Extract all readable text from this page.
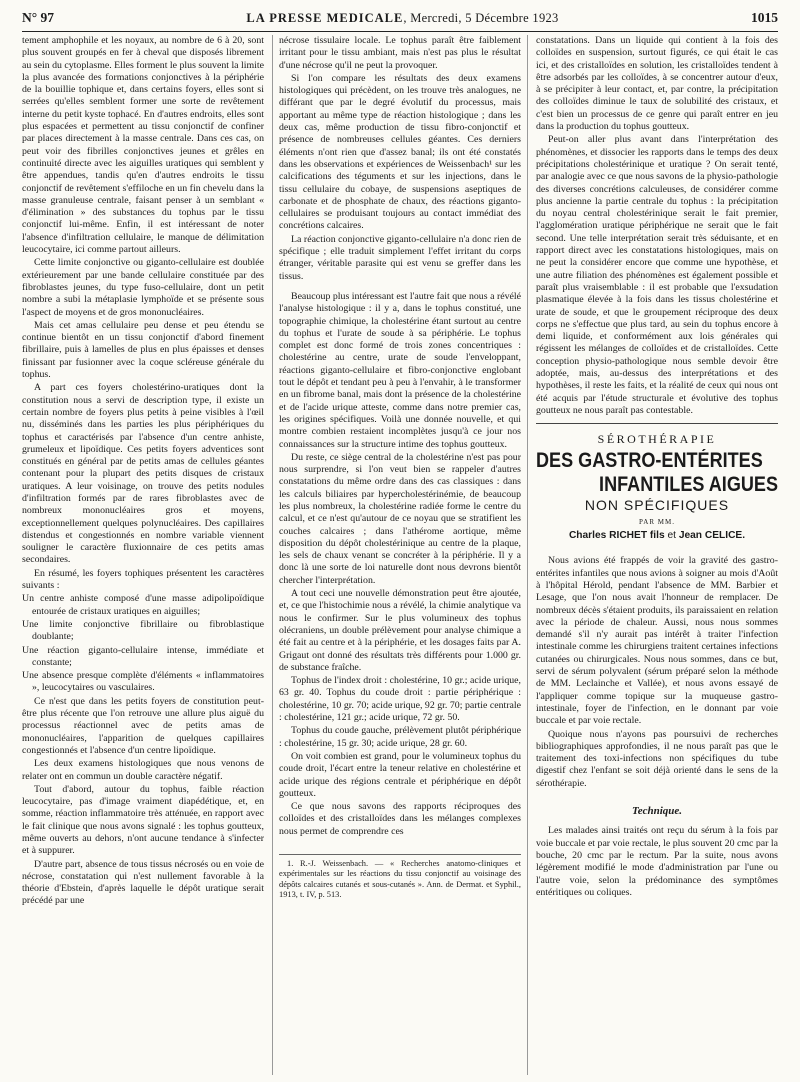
N° 97	LA PRESSE MEDICALE, Mercredi, 5 Décembre 1923	1015

tement amphophile et les noyaux, au nombre de 6 à 20, sont plus souvent groupés en fer à cheval que disposés librement au sein du cytoplasme. Elles forment le plus souvent la limite la plus avancée des formations conjonctives à la périphérie de la bouillie tophique et, dans certains foyers, elles sont si serrées qu'elles semblent former une sorte de revêtement interne du petit kyste tophacé. En d'autres endroits, elles sont plus espacées et permettent au tissu conjonctif de confiner par places directement à la masse centrale. Dans ces cas, on peut voir des fibrilles conjonctives jeunes et grêles en continuité directe avec les aiguilles uratiques qui semblent y être appendues, tandis qu'en d'autres endroits le tissu conjonctif de revêtement s'effiloche en un fin chevelu dans la masse granuleuse centrale, faisant penser à un semblant « d'élimination » des substances du tophus par le tissu conjonctif lui-même. Enfin, il est intéressant de noter l'absence d'infiltration cellulaire, le manque de délimitation leucocytaire, ici comme partout ailleurs.

Cette limite conjonctive ou giganto-cellulaire est doublée extérieurement par une bande cellulaire constituée par des fibroblastes jeunes, du type fuso-cellulaire, dont un petit nombre a subi la métaplasie lymphoïde et se présente sous l'aspect de moyens et de gros mononucléaires.

Mais cet amas cellulaire peu dense et peu étendu se continue bientôt en un tissu conjonctif d'abord finement fibrillaire, puis à lamelles de plus en plus épaisses et denses finissant par fusionner avec la coque scléreuse générale du tophus.

A part ces foyers cholestérino-uratiques dont la constitution nous a servi de description type, il existe un certain nombre de foyers plus petits à peine visibles à l'œil nu, disséminés dans les parties les plus périphériques du tophus et caractérisés par l'absence d'un centre anhiste, grumeleux et lipoïdique. Ces petits foyers adventices sont constitués en général par de petits amas de cellules géantes contenant pour la plupart des petits disques de cristaux uratiques. A leur voisinage, on trouve des petits nodules d'infiltration formés par de rares fibroblastes avec de nombreux mononucléaires gros et moyens, exceptionnellement quelques polynucléaires. Des capillaires distendus et congestionnés en nombre variable viennent souligner le caractère fluxionnaire de ces petits amas secondaires.

En résumé, les foyers tophiques présentent les caractères suivants :

Un centre anhiste composé d'une masse adipolipoïdique entourée de cristaux uratiques en aiguilles;

Une limite conjonctive fibrillaire ou fibroblastique doublante;

Une réaction giganto-cellulaire intense, immédiate et constante;

Une absence presque complète d'éléments « inflammatoires », leucocytaires ou vasculaires.

Ce n'est que dans les petits foyers de constitution peut-être plus récente que l'on retrouve une allure plus aiguë du processus réactionnel avec de petits amas de mononucléaires, l'apparition de quelques capillaires congestionnés et l'absence d'un centre lipoïdique.

Les deux examens histologiques que nous venons de relater ont en commun un double caractère négatif.

Tout d'abord, autour du tophus, faible réaction leucocytaire, pas d'image vraiment diapédétique, et, en somme, réaction inflammatoire très atténuée, en rapport avec le fait clinique que nous avons signalé : les tophus goutteux, même ouverts au dehors, n'ont aucune tendance à s'infecter et à suppurer.

D'autre part, absence de tous tissus nécrosés ou en voie de nécrose, constatation qui n'est nullement favorable à la théorie d'Ebstein, d'après laquelle le dépôt uratique serait précédé par une

nécrose tissulaire locale. Le tophus paraît être faiblement irritant pour le tissu ambiant, mais n'est pas plus le résultat d'une nécrose qu'il ne peut la provoquer.

Si l'on compare les résultats des deux examens histologiques qui précèdent, on les trouve très analogues, ne différant que par le degré évolutif du processus, mais apportant au même type de réaction histologique ; dans les deux cas, même production de tissu fibro-conjonctif et présence de nombreuses cellules géantes. Ces derniers éléments n'ont rien que d'assez banal; ils ont été constatés dans les observations et expériences de Weissenbach¹ sur les calcifications des téguments et sur les injections, dans le tissu cellulaire du cobaye, de suspensions aseptiques de carbonate et de phosphate de chaux, des réactions giganto-cellulaires se produisant toujours au contact immédiat des concrétions calcaires.

La réaction conjonctive giganto-cellulaire n'a donc rien de spécifique ; elle traduit simplement l'effet irritant du corps étranger, véritable parasite qui est venu se greffer dans les tissus.

Beaucoup plus intéressant est l'autre fait que nous a révélé l'analyse histologique : il y a, dans le tophus constitué, une topographie chimique, la cholestérine étant surtout au centre du tophus et l'urate de soude à sa périphérie. Le tophus complet est donc formé de trois zones concentriques : cholestérine au centre, urate de soude l'enveloppant, réactions giganto-cellulaire et fibro-conjonctive englobant tout le dépôt et tendant peu à peu à l'envahir, à le transformer en un fibrome banal, mais dont la présence de la cholestérine et de l'acide urique atteste, comme dans notre premier cas, les origines spécifiques. Voilà une donnée nouvelle, et qui montre combien restaient incomplètes jusqu'à ce jour nos connaissances sur la structure intime des tophus goutteux.

Du reste, ce siège central de la cholestérine n'est pas pour nous surprendre, si l'on veut bien se rappeler d'autres constatations du même ordre dans des cas classiques : dans les calculs biliaires par hypercholestérinémie, de beaucoup les plus nombreux, la cholestérine radiée forme le centre du calcul, et ce n'est qu'autour de ce noyau que se stratifient les couches calcaires ; dans l'athérome aortique, même disposition du dépôt cholestérinique au centre de la plaque, les sels de chaux venant se concréter à la périphérie. Il y a donc là une sorte de loi naturelle dont nous devrons bientôt chercher l'interprétation.

A tout ceci une nouvelle démonstration peut être ajoutée, et, ce que l'histochimie nous a révélé, la chimie analytique va nous le confirmer. Sur le plus volumineux des tophus olécraniens, un double prélèvement pour analyse chimique a été fait au centre et à la périphérie, et les dosages faits par A. Grigaut ont donné des résultats très différents pour 1.000 gr. de substance fraîche.

Tophus de l'index droit : cholestérine, 10 gr.; acide urique, 63 gr. 40. Tophus du coude droit : partie périphérique : cholestérine, 10 gr. 70; acide urique, 92 gr. 70; partie centrale : cholestérine, 121 gr.; acide urique, 72 gr. 50.

Tophus du coude gauche, prélèvement plutôt périphérique : cholestérine, 15 gr. 30; acide urique, 28 gr. 60.

On voit combien est grand, pour le volumineux tophus du coude droit, l'écart entre la teneur relative en cholestérine et acide urique des régions centrale et périphérique en dépôt goutteux.

Ce que nous savons des rapports réciproques des colloïdes et des cristalloïdes dans les mélanges complexes nous permet de comprendre ces

1. R.-J. Weissenbach. — « Recherches anatomo-cliniques et expérimentales sur les réactions du tissu conjonctif au voisinage des dépôts calcaires cutanés et sous-cutanés ». Ann. de Dermat. et Syphil., 1913, t. IV, p. 513.

constatations. Dans un liquide qui contient à la fois des colloïdes en suspension, surtout figurés, ce qui était le cas ici, et des cristalloïdes en solution, les cristalloïdes tendent à être adsorbés par les colloïdes, à se concentrer autour d'eux, à se précipiter à leur contact, et, par contre, la précipitation des colloïdes diminue le taux de solubilité des cristaux, et c'est bien un processus de ce genre qui paraît entrer en jeu dans la production du tophus goutteux.

Peut-on aller plus avant dans l'interprétation des phénomènes, et dissocier les rapports dans le temps des deux précipitations cholestérinique et uratique ? On serait tenté, par analogie avec ce que nous savons de la physio-pathologie des diverses concrétions calculeuses, de considérer comme plus ancienne la partie centrale du tophus : la précipitation du noyau central cholestérinique serait le fait premier, l'agglomération uratique périphérique ne serait que le fait second. Une telle interprétation serait très séduisante, et en rapport direct avec les constatations histologiques, mais on ne peut la considérer encore que comme une hypothèse, et une autre filiation des phénomènes est également possible et paraît plus vraisemblable : il est probable que l'exsudation plasmatique élevée à la fois dans les tissus cholestérine et urate de soude, et que le groupement réciproque des deux corps ne s'effectue que plus tard, au sein du tophus encore à demi liquide, et conformément aux lois générales qui régissent les mélanges de colloïdes et de cristalloïdes. Cette conception physio-pathologique nous semble devoir être adoptée, mais, au-dessus des interprétations et des hypothèses, il reste les faits, et la réalité de ceux qui nous ont été acquis par l'étude structurale et évolutive des tophus goutteux ne nous paraît pas contestable.

SÉROTHÉRAPIE
DES GASTRO-ENTÉRITES
INFANTILES AIGUES
NON SPÉCIFIQUES
PAR MM.
Charles RICHET fils et Jean CELICE.

Nous avions été frappés de voir la gravité des gastro-entérites infantiles que nous avions à soigner au mois d'Août à l'hôpital Hérold, pendant l'absence de MM. Barbier et Lesage, que l'on nous avait l'honneur de remplacer. De nombreux décès s'étaient produits, ils paraissaient en relation avec la période de chaleur. Aussi, nous nous sommes demandé s'il n'y aurait pas intérêt à traiter l'infection intestinale comme les chirurgiens traitent certaines infections cutanées ou chirurgicales. Nous nous sommes, dans ce but, servi de sérum polyvalent (sérum préparé selon la méthode de MM. Leclainche et Vallée), et nous avons essayé de l'appliquer comme topique sur la muqueuse gastro-intestinale, foyer de l'infection, en le donnant par voie buccale et par voie rectale.

Quoique nous n'ayons pas poursuivi de recherches bibliographiques approfondies, il ne nous paraît pas que le traitement des toxi-infections non spécifiques du tube digestif chez l'enfant se soit déjà orienté dans le sens de la sérothérapie.

Technique.

Les malades ainsi traités ont reçu du sérum à la fois par voie buccale et par voie rectale, le plus souvent 20 cmc par la bouche, 20 cmc par le rectum. Par la suite, nous avons légèrement modifié le mode d'administration par l'une ou l'autre voie, selon la prédominance des symptômes entéritiques ou coliques.
